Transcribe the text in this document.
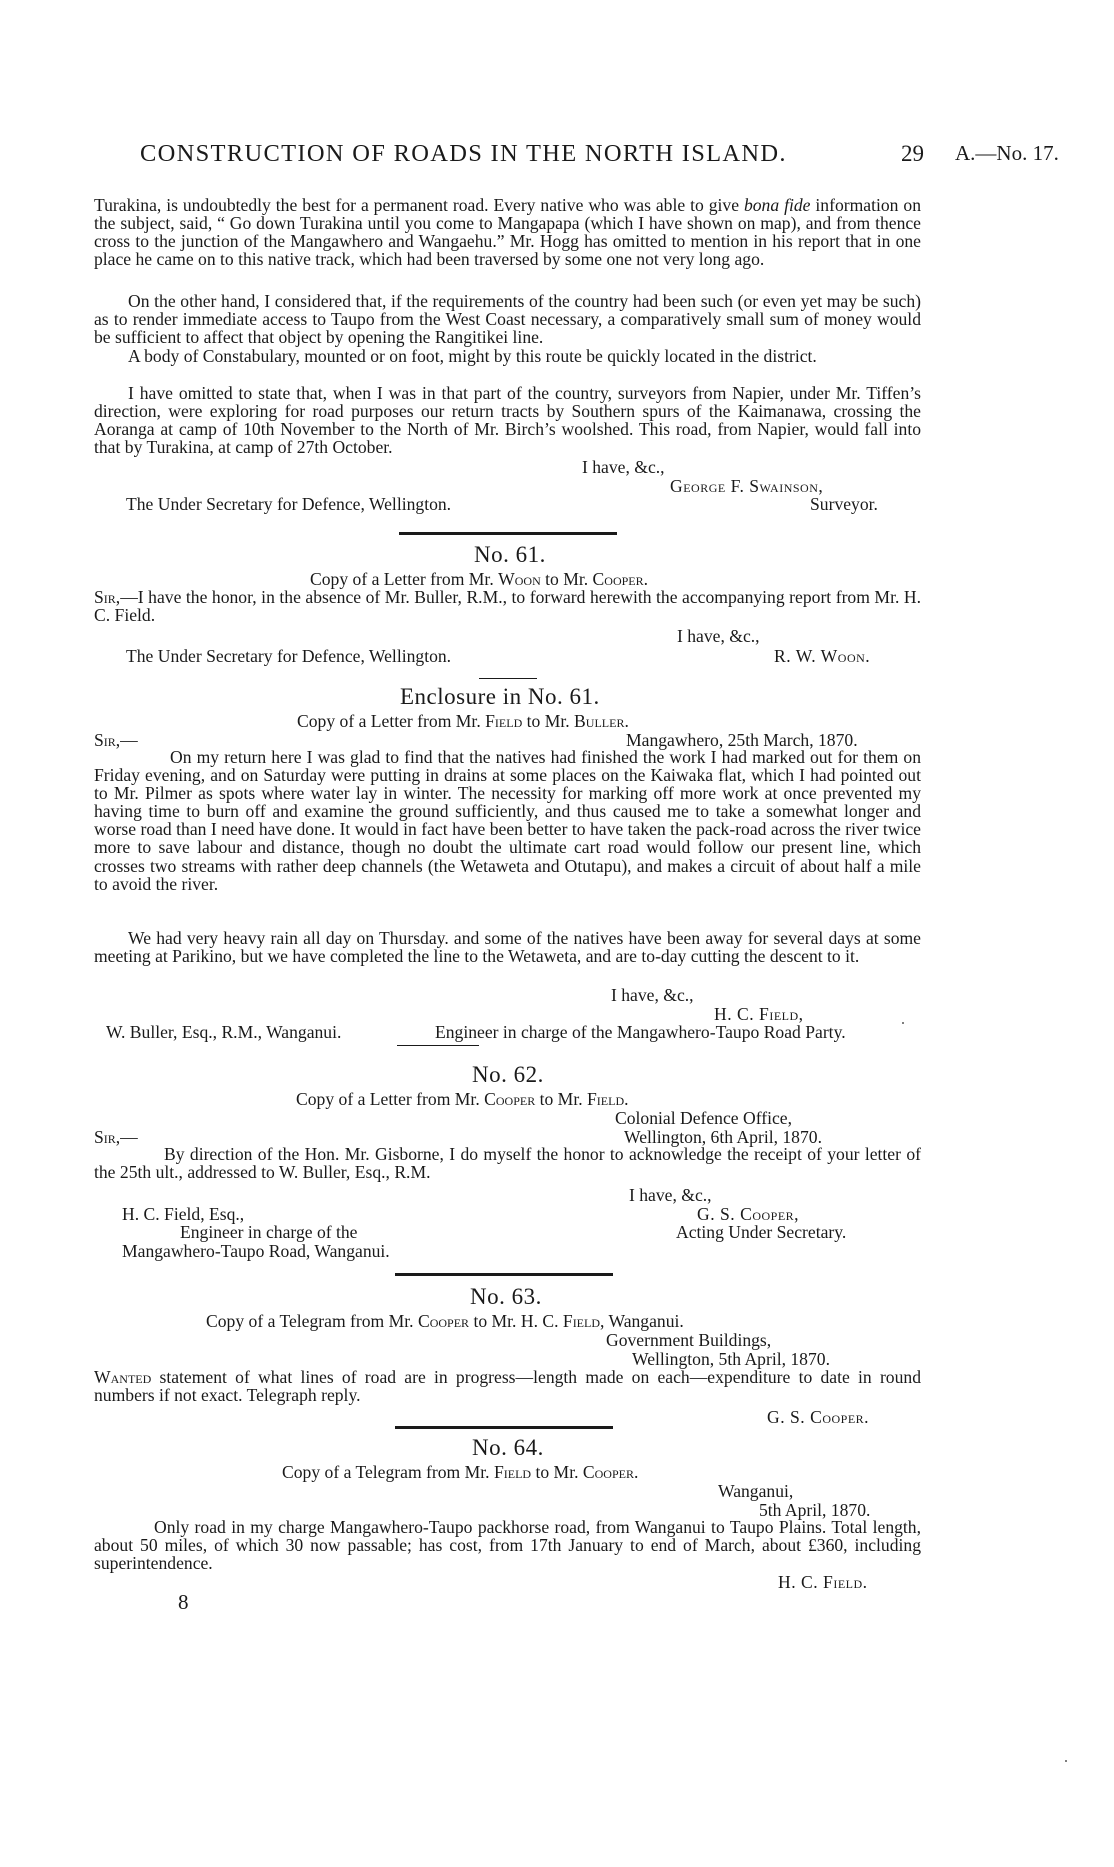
CONSTRUCTION OF ROADS IN THE NORTH ISLAND.	29 A.—No. 17.
Turakina, is undoubtedly the best for a permanent road. Every native who was able to give bona fide information on the subject, said, “ Go down Turakina until you come to Mangapapa (which I have shown on map), and from thence cross to the junction of the Mangawhero and Wangaehu.” Mr. Hogg has omitted to mention in his report that in one place he came on to this native track, which had been traversed by some one not very long ago.
On the other hand, I considered that, if the requirements of the country had been such (or even yet may be such) as to render immediate access to Taupo from the West Coast necessary, a comparatively small sum of money would be sufficient to affect that object by opening the Rangitikei line.
A body of Constabulary, mounted or on foot, might by this route be quickly located in the district.
I have omitted to state that, when I was in that part of the country, surveyors from Napier, under Mr. Tiffen’s direction, were exploring for road purposes our return tracts by Southern spurs of the Kaimanawa, crossing the Aoranga at camp of 10th November to the North of Mr. Birch’s woolshed. This road, from Napier, would fall into that by Turakina, at camp of 27th October.
I have, &c.,
George F. Swainson,
The Under Secretary for Defence, Wellington.	Surveyor.
No. 61.
Copy of a Letter from Mr. Woon to Mr. Cooper.
Sir,—I have the honor, in the absence of Mr. Buller, R.M., to forward herewith the accompanying report from Mr. H. C. Field.
I have, &c.,
The Under Secretary for Defence, Wellington.	R. W. Woon.
Enclosure in No. 61.
Copy of a Letter from Mr. Field to Mr. Buller.
Sir,—	Mangawhero, 25th March, 1870.
On my return here I was glad to find that the natives had finished the work I had marked out for them on Friday evening, and on Saturday were putting in drains at some places on the Kaiwaka flat, which I had pointed out to Mr. Pilmer as spots where water lay in winter. The necessity for marking off more work at once prevented my having time to burn off and examine the ground sufficiently, and thus caused me to take a somewhat longer and worse road than I need have done. It would in fact have been better to have taken the pack-road across the river twice more to save labour and distance, though no doubt the ultimate cart road would follow our present line, which crosses two streams with rather deep channels (the Wetaweta and Otutapu), and makes a circuit of about half a mile to avoid the river.
We had very heavy rain all day on Thursday. and some of the natives have been away for several days at some meeting at Parikino, but we have completed the line to the Wetaweta, and are to-day cutting the descent to it.
I have, &c.,
H. C. Field,
W. Buller, Esq., R.M., Wanganui.	Engineer in charge of the Mangawhero-Taupo Road Party.
No. 62.
Copy of a Letter from Mr. Cooper to Mr. Field.
Colonial Defence Office,
Sir,—	Wellington, 6th April, 1870.
By direction of the Hon. Mr. Gisborne, I do myself the honor to acknowledge the receipt of your letter of the 25th ult., addressed to W. Buller, Esq., R.M.
I have, &c.,
H. C. Field, Esq.,	G. S. Cooper,
Engineer in charge of the	Acting Under Secretary.
Mangawhero-Taupo Road, Wanganui.
No. 63.
Copy of a Telegram from Mr. Cooper to Mr. H. C. Field, Wanganui.
Government Buildings,
Wellington, 5th April, 1870.
Wanted statement of what lines of road are in progress—length made on each—expenditure to date in round numbers if not exact. Telegraph reply.
G. S. Cooper.
No. 64.
Copy of a Telegram from Mr. Field to Mr. Cooper.
Wanganui,
5th April, 1870.
Only road in my charge Mangawhero-Taupo packhorse road, from Wanganui to Taupo Plains. Total length, about 50 miles, of which 30 now passable; has cost, from 17th January to end of March, about £360, including superintendence.
H. C. Field.
8
